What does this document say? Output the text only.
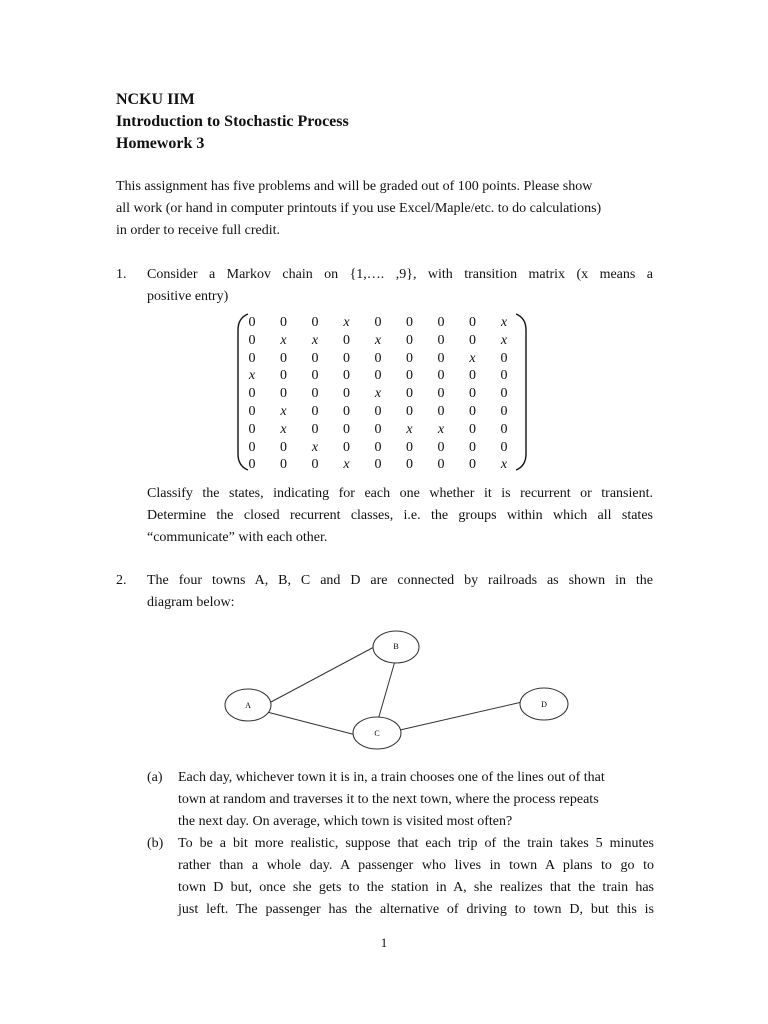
NCKU IIM
Introduction to Stochastic Process
Homework 3
This assignment has five problems and will be graded out of 100 points. Please show
all work (or hand in computer printouts if you use Excel/Maple/etc. to do calculations)
in order to receive full credit.
1. Consider a Markov chain on {1,…. ,9}, with transition matrix (x means a
positive entry)
0	0	0	x	0	0	0	0	x
0	x	x	0	x	0	0	0	x
0	0	0	0	0	0	0	x	0
x	0	0	0	0	0	0	0	0
0	0	0	0	x	0	0	0	0
0	x	0	0	0	0	0	0	0
0	x	0	0	0	x	x	0	0
0	0	x	0	0	0	0	0	0
0	0	0	x	0	0	0	0	x
Classify the states, indicating for each one whether it is recurrent or transient.
Determine the closed recurrent classes, i.e. the groups within which all states
“communicate” with each other.
2. The four towns A, B, C and D are connected by railroads as shown in the
diagram below:
A
B
C
D
(a) Each day, whichever town it is in, a train chooses one of the lines out of that
town at random and traverses it to the next town, where the process repeats
the next day. On average, which town is visited most often?
(b) To be a bit more realistic, suppose that each trip of the train takes 5 minutes
rather than a whole day. A passenger who lives in town A plans to go to
town D but, once she gets to the station in A, she realizes that the train has
just left. The passenger has the alternative of driving to town D, but this is
1
